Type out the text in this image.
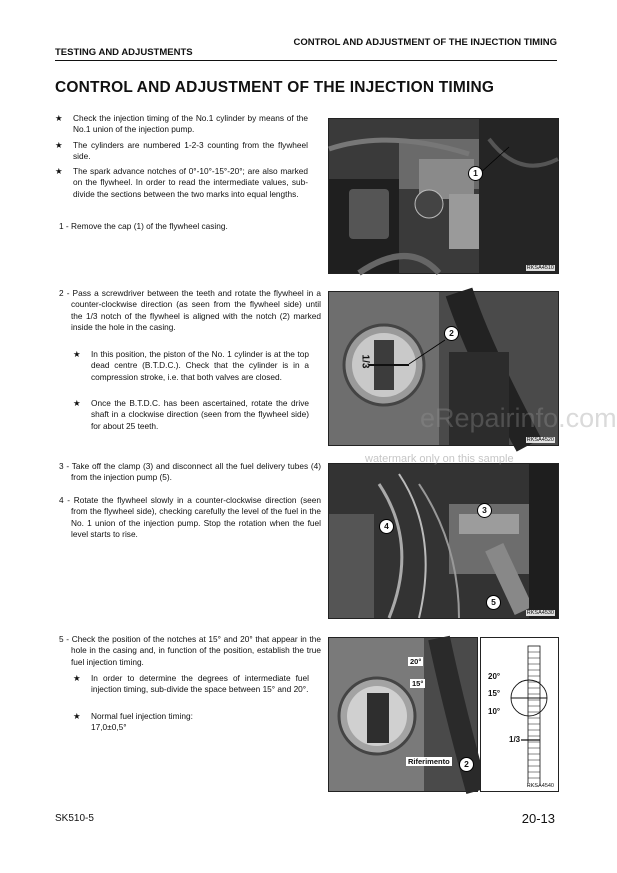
CONTROL AND ADJUSTMENT OF THE INJECTION TIMING
TESTING AND ADJUSTMENTS
CONTROL AND ADJUSTMENT OF THE INJECTION TIMING
★ Check the injection timing of the No.1 cylinder by means of the No.1 union of the injection pump.
★ The cylinders are numbered 1-2-3 counting from the flywheel side.
★ The spark advance notches of 0°-10°-15°-20°; are also marked on the flywheel. In order to read the intermediate values, sub-divide the sections between the two marks into equal lengths.
1 - Remove the cap (1) of the flywheel casing.
2 - Pass a screwdriver between the teeth and rotate the flywheel in a counter-clockwise direction (as seen from the flywheel side) until the 1/3 notch of the flywheel is aligned with the notch (2) marked inside the hole in the casing.
★ In this position, the piston of the No. 1 cylinder is at the top dead centre (B.T.D.C.). Check that the cylinder is in a compression stroke, i.e. that both valves are closed.
★ Once the B.T.D.C. has been ascertained, rotate the drive shaft in a clockwise direction (seen from the flywheel side) for about 25 teeth.
3 - Take off the clamp (3) and disconnect all the fuel delivery tubes (4) from the injection pump (5).
4 - Rotate the flywheel slowly in a counter-clockwise direction (seen from the flywheel side), checking carefully the level of the fuel in the No. 1 union of the injection pump. Stop the rotation when the fuel level starts to rise.
5 - Check the position of the notches at 15° and 20° that appear in the hole in the casing and, in function of the position, establish the true fuel injection timing.
★ In order to determine the degrees of intermediate fuel injection timing, sub-divide the space between 15° and 20°.
★ Normal fuel injection timing:
17,0±0,5°
1
RKSA4510
1/3
2
RKSA4520
3
4
5
RKSA4530
20°
15°
Riferimento	2
20°
15°
10°
1/3
RKSA4540
eRepairinfo.com
watermark only on this sample
SK510-5	20-13
